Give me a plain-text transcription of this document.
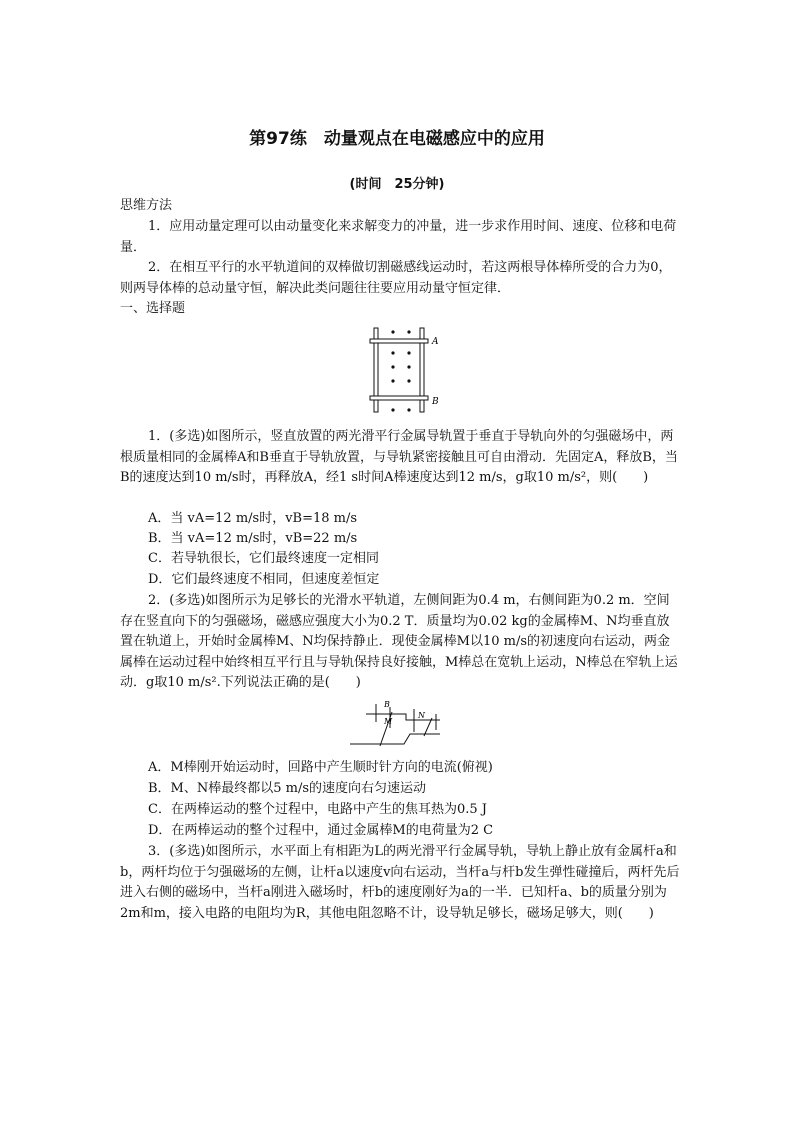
第97练　动量观点在电磁感应中的应用
(时间　25分钟)

思维方法

1．应用动量定理可以由动量变化来求解变力的冲量，进一步求作用时间、速度、位移和电荷量．

2．在相互平行的水平轨道间的双棒做切割磁感线运动时，若这两根导体棒所受的合力为0，则两导体棒的总动量守恒，解决此类问题往往要应用动量守恒定律．

一、选择题

A
B

1．(多选)如图所示，竖直放置的两光滑平行金属导轨置于垂直于导轨向外的匀强磁场中，两根质量相同的金属棒A和B垂直于导轨放置，与导轨紧密接触且可自由滑动．先固定A，释放B，当B的速度达到10 m/s时，再释放A，经1 s时间A棒速度达到12 m/s，g取10 m/s²，则(　　)

A．当 vA=12 m/s时，vB=18 m/s

B．当 vA=12 m/s时，vB=22 m/s

C．若导轨很长，它们最终速度一定相同

D．它们最终速度不相同，但速度差恒定

2．(多选)如图所示为足够长的光滑水平轨道，左侧间距为0.4 m，右侧间距为0.2 m．空间存在竖直向下的匀强磁场，磁感应强度大小为0.2 T．质量均为0.02 kg的金属棒M、N均垂直放置在轨道上，开始时金属棒M、N均保持静止．现使金属棒M以10 m/s的初速度向右运动，两金属棒在运动过程中始终相互平行且与导轨保持良好接触，M棒总在宽轨上运动，N棒总在窄轨上运动．g取10 m/s².下列说法正确的是(　　)

B
M
N

A．M棒刚开始运动时，回路中产生顺时针方向的电流(俯视)

B．M、N棒最终都以5 m/s的速度向右匀速运动

C．在两棒运动的整个过程中，电路中产生的焦耳热为0.5 J

D．在两棒运动的整个过程中，通过金属棒M的电荷量为2 C

3．(多选)如图所示，水平面上有相距为L的两光滑平行金属导轨，导轨上静止放有金属杆a和b，两杆均位于匀强磁场的左侧，让杆a以速度v向右运动，当杆a与杆b发生弹性碰撞后，两杆先后进入右侧的磁场中，当杆a刚进入磁场时，杆b的速度刚好为a的一半．已知杆a、b的质量分别为2m和m，接入电路的电阻均为R，其他电阻忽略不计，设导轨足够长，磁场足够大，则(　　)
